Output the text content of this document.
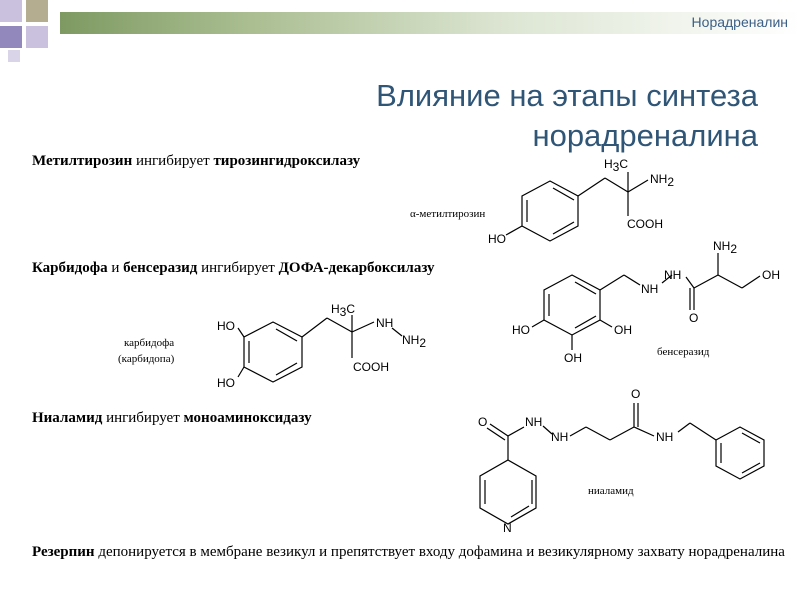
Норадреналин
Влияние на этапы синтеза
норадреналина
Метилтирозин ингибирует тирозингидроксилазу
Карбидофа и бенсеразид ингибирует ДОФА-декарбоксилазу
Ниаламид ингибирует моноаминоксидазу
Резерпин депонируется в мембране везикул и препятствует входу дофамина и везикулярному захвату норадреналина
α-метилтирозин
карбидофа
(карбидопа)
бенсеразид
ниаламид
H3C
NH2
COOH
HO
HO
HO
H3C
NH
NH2
COOH
NH
NH
O
NH2
OH
HO
OH
OH
O	NH
NH
O
NH
N
